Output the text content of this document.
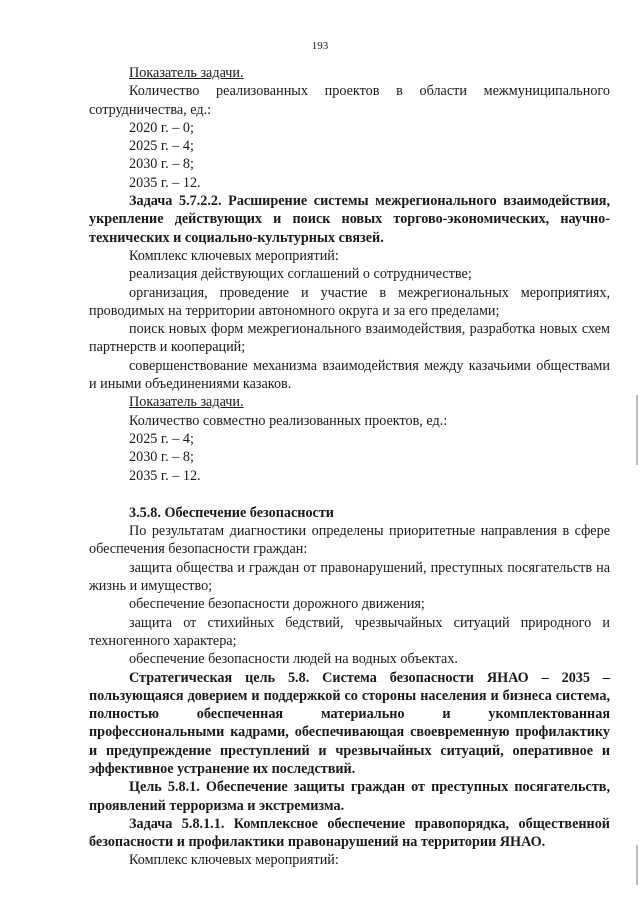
193

Показатель задачи.

Количество реализованных проектов в области межмуниципального сотрудничества, ед.:

2020 г. – 0;

2025 г. – 4;

2030 г. – 8;

2035 г. – 12.

Задача 5.7.2.2. Расширение системы межрегионального взаимодействия, укрепление действующих и поиск новых торгово-экономических, научно-технических и социально-культурных связей.

Комплекс ключевых мероприятий:

реализация действующих соглашений о сотрудничестве;

организация, проведение и участие в межрегиональных мероприятиях, проводимых на территории автономного округа и за его пределами;

поиск новых форм межрегионального взаимодействия, разработка новых схем партнерств и коопераций;

совершенствование механизма взаимодействия между казачьими обществами и иными объединениями казаков.

Показатель задачи.

Количество совместно реализованных проектов, ед.:

2025 г. – 4;

2030 г. – 8;

2035 г. – 12.

3.5.8. Обеспечение безопасности

По результатам диагностики определены приоритетные направления в сфере обеспечения безопасности граждан:

защита общества и граждан от правонарушений, преступных посягательств на жизнь и имущество;

обеспечение безопасности дорожного движения;

защита от стихийных бедствий, чрезвычайных ситуаций природного и техногенного характера;

обеспечение безопасности людей на водных объектах.

Стратегическая цель 5.8. Система безопасности ЯНАО – 2035 – пользующаяся доверием и поддержкой со стороны населения и бизнеса система, полностью обеспеченная материально и укомплектованная профессиональными кадрами, обеспечивающая своевременную профилактику и предупреждение преступлений и чрезвычайных ситуаций, оперативное и эффективное устранение их последствий.

Цель 5.8.1. Обеспечение защиты граждан от преступных посягательств, проявлений терроризма и экстремизма.

Задача 5.8.1.1. Комплексное обеспечение правопорядка, общественной безопасности и профилактики правонарушений на территории ЯНАО.

Комплекс ключевых мероприятий:
